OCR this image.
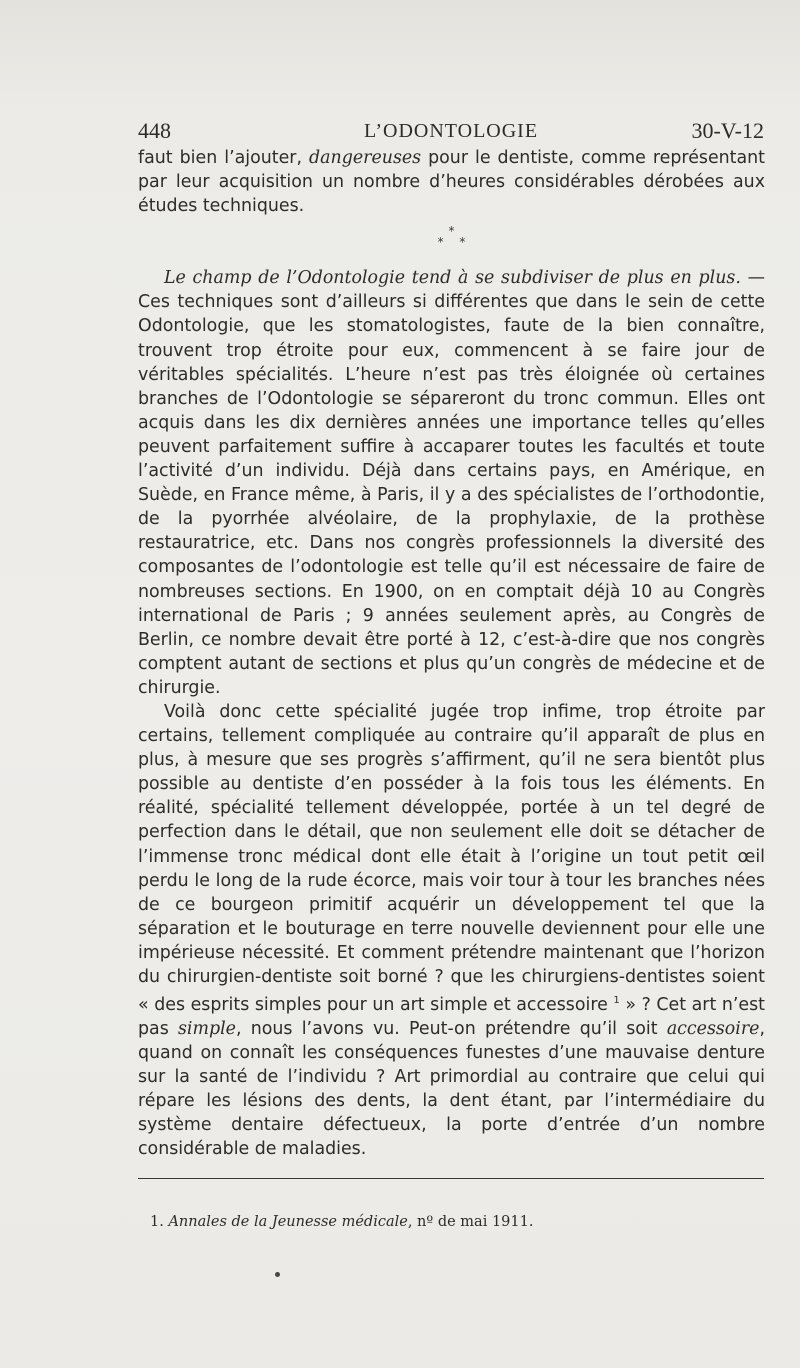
448	L’ODONTOLOGIE	30-V-12

faut bien l’ajouter, dangereuses pour le dentiste, comme représentant par leur acquisition un nombre d’heures considérables dérobées aux études techniques.

*
* *

Le champ de l’Odontologie tend à se subdiviser de plus en plus. — Ces techniques sont d’ailleurs si différentes que dans le sein de cette Odontologie, que les stomatologistes, faute de la bien connaître, trouvent trop étroite pour eux, commencent à se faire jour de véritables spécialités. L’heure n’est pas très éloignée où certaines branches de l’Odontologie se sépareront du tronc commun. Elles ont acquis dans les dix dernières années une importance telles qu’elles peuvent parfaitement suffire à accaparer toutes les facultés et toute l’activité d’un individu. Déjà dans certains pays, en Amérique, en Suède, en France même, à Paris, il y a des spécialistes de l’orthodontie, de la pyorrhée alvéolaire, de la prophylaxie, de la prothèse restauratrice, etc. Dans nos congrès professionnels la diversité des composantes de l’odontologie est telle qu’il est nécessaire de faire de nombreuses sections. En 1900, on en comptait déjà 10 au Congrès international de Paris ; 9 années seulement après, au Congrès de Berlin, ce nombre devait être porté à 12, c’est-à-dire que nos congrès comptent autant de sections et plus qu’un congrès de médecine et de chirurgie.

Voilà donc cette spécialité jugée trop infime, trop étroite par certains, tellement compliquée au contraire qu’il apparaît de plus en plus, à mesure que ses progrès s’affirment, qu’il ne sera bientôt plus possible au dentiste d’en posséder à la fois tous les éléments. En réalité, spécialité tellement développée, portée à un tel degré de perfection dans le détail, que non seulement elle doit se détacher de l’immense tronc médical dont elle était à l’origine un tout petit œil perdu le long de la rude écorce, mais voir tour à tour les branches nées de ce bourgeon primitif acquérir un développement tel que la séparation et le bouturage en terre nouvelle deviennent pour elle une impérieuse nécessité. Et comment prétendre maintenant que l’horizon du chirurgien-dentiste soit borné ? que les chirurgiens-dentistes soient « des esprits simples pour un art simple et accessoire $^1$ » ? Cet art n’est pas simple, nous l’avons vu. Peut-on prétendre qu’il soit accessoire, quand on connaît les conséquences funestes d’une mauvaise denture sur la santé de l’individu ? Art primordial au contraire que celui qui répare les lésions des dents, la dent étant, par l’intermédiaire du système dentaire défectueux, la porte d’entrée d’un nombre considérable de maladies.

1. Annales de la Jeunesse médicale, nº de mai 1911.
